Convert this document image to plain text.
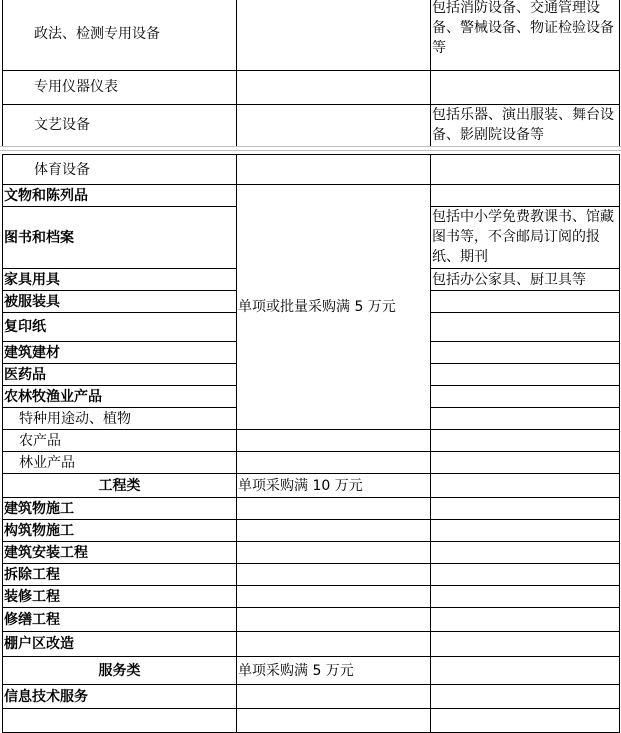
政法、检测专用设备		包括消防设备、交通管理设备、警械设备、物证检验设备等
专用仪器仪表		
文艺设备		包括乐器、演出服装、舞台设备、影剧院设备等
体育设备		
文物和陈列品	单项或批量采购满 5 万元	
图书和档案		包括中小学免费教课书、馆藏图书等，不含邮局订阅的报纸、期刊
家具用具		包括办公家具、厨卫具等
被服装具		
复印纸		
建筑建材		
医药品		
农林牧渔业产品		
特种用途动、植物		
农产品		
林业产品		
工程类	单项采购满 10 万元	
建筑物施工		
构筑物施工		
建筑安装工程		
拆除工程		
装修工程		
修缮工程		
棚户区改造		
服务类	单项采购满 5 万元	
信息技术服务		
